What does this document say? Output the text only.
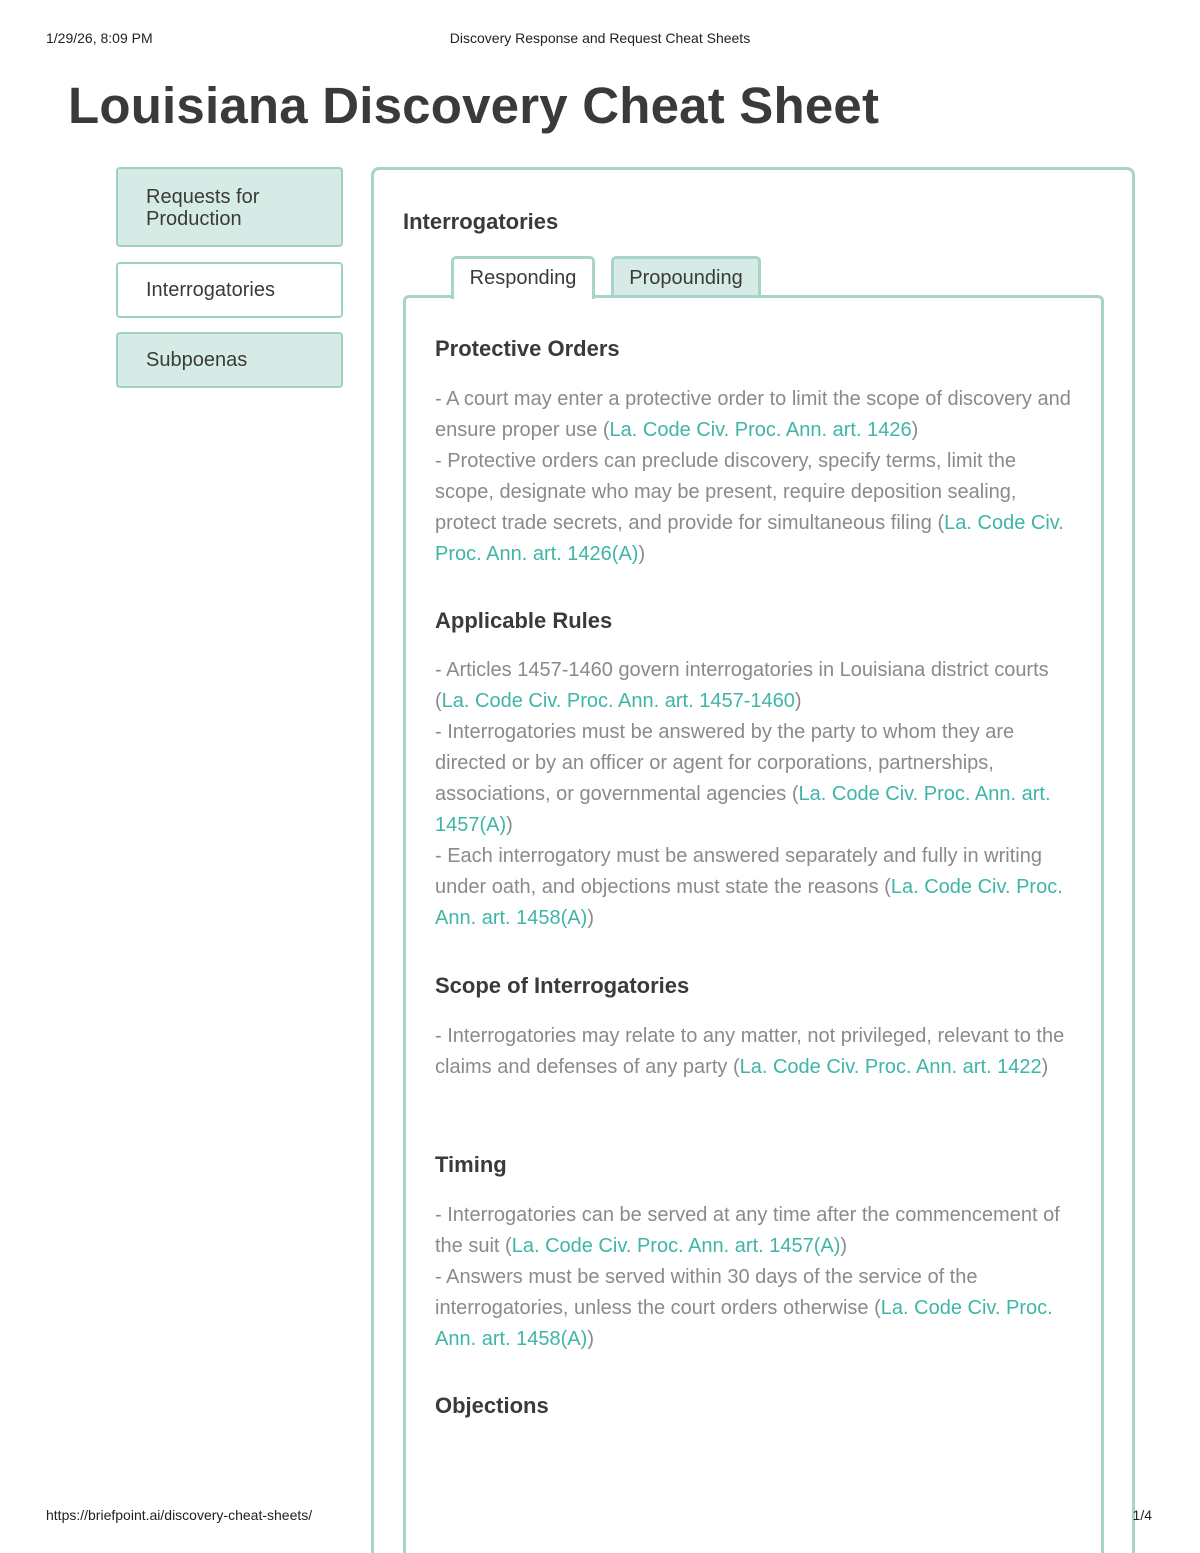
1/29/26, 8:09 PM	Discovery Response and Request Cheat Sheets
Louisiana Discovery Cheat Sheet
Requests for Production
Interrogatories
Subpoenas
Interrogatories
Responding	Propounding
Protective Orders
- A court may enter a protective order to limit the scope of discovery and ensure proper use (La. Code Civ. Proc. Ann. art. 1426)
- Protective orders can preclude discovery, specify terms, limit the scope, designate who may be present, require deposition sealing, protect trade secrets, and provide for simultaneous filing (La. Code Civ. Proc. Ann. art. 1426(A))
Applicable Rules
- Articles 1457-1460 govern interrogatories in Louisiana district courts (La. Code Civ. Proc. Ann. art. 1457-1460)
- Interrogatories must be answered by the party to whom they are directed or by an officer or agent for corporations, partnerships, associations, or governmental agencies (La. Code Civ. Proc. Ann. art. 1457(A))
- Each interrogatory must be answered separately and fully in writing under oath, and objections must state the reasons (La. Code Civ. Proc. Ann. art. 1458(A))
Scope of Interrogatories
- Interrogatories may relate to any matter, not privileged, relevant to the claims and defenses of any party (La. Code Civ. Proc. Ann. art. 1422)
Timing
- Interrogatories can be served at any time after the commencement of the suit (La. Code Civ. Proc. Ann. art. 1457(A))
- Answers must be served within 30 days of the service of the interrogatories, unless the court orders otherwise (La. Code Civ. Proc. Ann. art. 1458(A))
Objections
https://briefpoint.ai/discovery-cheat-sheets/	1/4
